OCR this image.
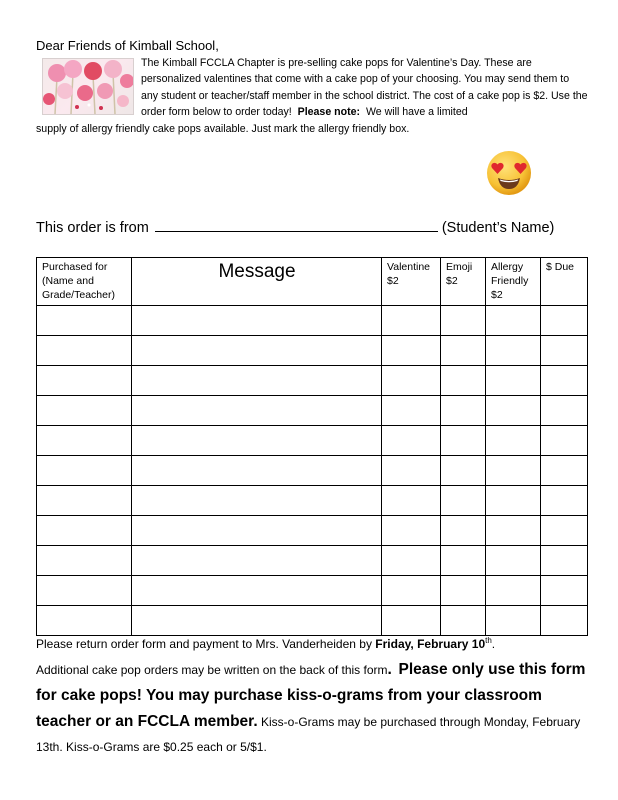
Dear Friends of Kimball School,
The Kimball FCCLA Chapter is pre-selling cake pops for Valentine’s Day. These are personalized valentines that come with a cake pop of your choosing. You may send them to any student or teacher/staff member in the school district. The cost of a cake pop is $2. Use the order form below to order today! Please note: We will have a limited
supply of allergy friendly cake pops available. Just mark the allergy friendly box.
This order is from	(Student’s Name)
Purchased for (Name and Grade/Teacher)	Message	Valentine $2	Emoji $2	Allergy Friendly $2	$ Due

Please return order form and payment to Mrs. Vanderheiden by Friday, February 10th.
Additional cake pop orders may be written on the back of this form. Please only use this form for cake pops! You may purchase kiss-o-grams from your classroom teacher or an FCCLA member. Kiss-o-Grams may be purchased through Monday, February 13th. Kiss-o-Grams are $0.25 each or 5/$1.
